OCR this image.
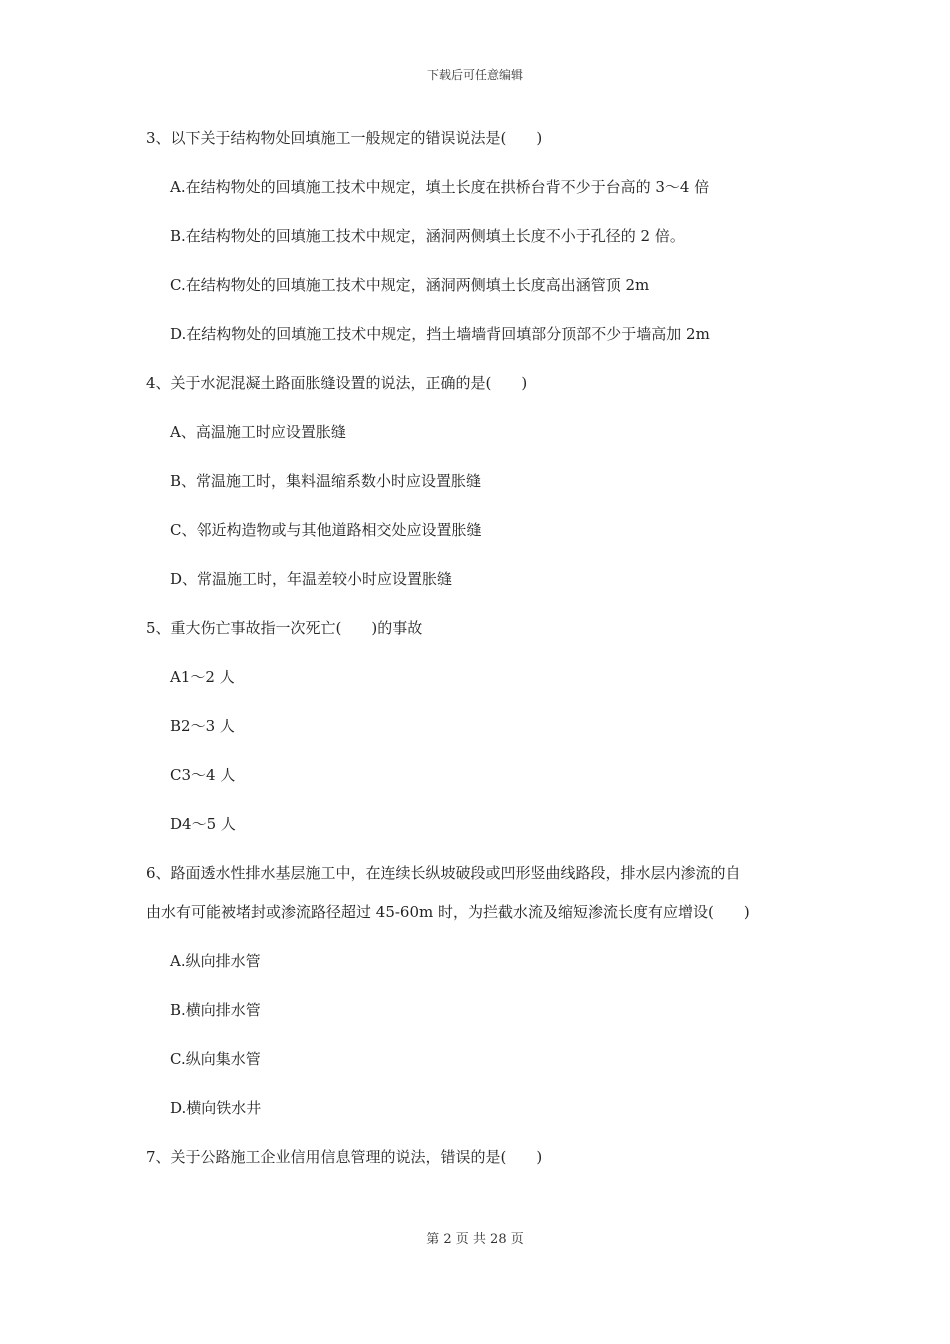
下载后可任意编辑
3、以下关于结构物处回填施工一般规定的错误说法是(　　)
A.在结构物处的回填施工技术中规定，填土长度在拱桥台背不少于台高的 3～4 倍
B.在结构物处的回填施工技术中规定，涵洞两侧填土长度不小于孔径的 2 倍。
C.在结构物处的回填施工技术中规定，涵洞两侧填土长度高出涵管顶 2m
D.在结构物处的回填施工技术中规定，挡土墙墙背回填部分顶部不少于墙高加 2m
4、关于水泥混凝土路面胀缝设置的说法，正确的是(　　)
A、高温施工时应设置胀缝
B、常温施工时，集料温缩系数小时应设置胀缝
C、邻近构造物或与其他道路相交处应设置胀缝
D、常温施工时，年温差较小时应设置胀缝
5、重大伤亡事故指一次死亡(　　)的事故
A1～2 人
B2～3 人
C3～4 人
D4～5 人
6、路面透水性排水基层施工中，在连续长纵坡破段或凹形竖曲线路段，排水层内渗流的自
由水有可能被堵封或渗流路径超过 45-60m 时，为拦截水流及缩短渗流长度有应增设(　　)
A.纵向排水管
B.横向排水管
C.纵向集水管
D.横向铁水井
7、关于公路施工企业信用信息管理的说法，错误的是(　　)
第 2 页 共 28 页
